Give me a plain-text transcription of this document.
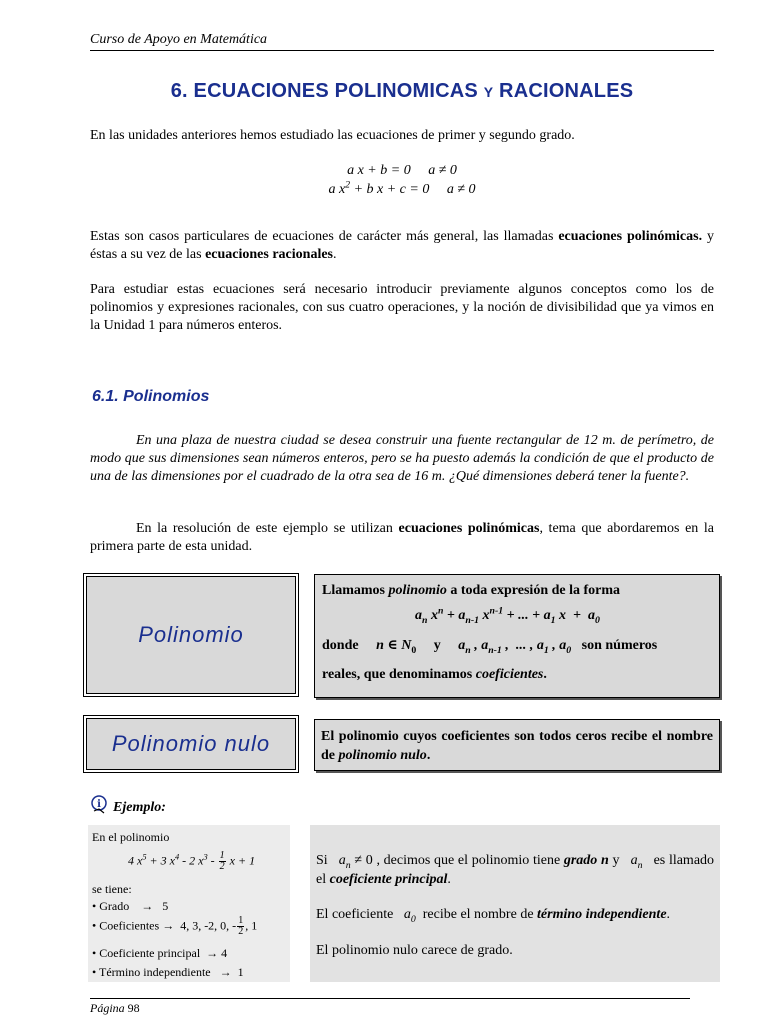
Curso de Apoyo en Matemática
6. ECUACIONES POLINOMICAS Y RACIONALES

En las unidades anteriores hemos estudiado las ecuaciones de primer y segundo grado.

a x + b = 0 a ≠ 0
a $x^2 + b$ x + c = 0 a ≠ 0

Estas son casos particulares de ecuaciones de carácter más general, las llamadas ecuaciones polinómicas. y éstas a su vez de las ecuaciones racionales.

Para estudiar estas ecuaciones será necesario introducir previamente algunos conceptos como los de polinomios y expresiones racionales, con sus cuatro operaciones, y la noción de divisibilidad que ya vimos en la Unidad 1 para números enteros.

6.1. Polinomios

En una plaza de nuestra ciudad se desea construir una fuente rectangular de 12 m. de perímetro, de modo que sus dimensiones sean números enteros, pero se ha puesto además la condición de que el producto de una de las dimensiones por el cuadrado de la otra sea de 16 m. ¿Qué dimensiones deberá tener la fuente?.

En la resolución de este ejemplo se utilizan ecuaciones polinómicas, tema que abordaremos en la primera parte de esta unidad.

Polinomio
Llamamos polinomio a toda expresión de la forma
$a_n$ $x^n + a_{n-1}$ $x^{n-1}$ + ... + $a_1$ $x + a_0$
donde n ∈ $N_0$ y $a_n$ , $a_{n-1}$ ,  ... , $a_1$ , $a_0$ son números
reales, que denominamos coeficientes.
Polinomio nulo	El polinomio cuyos coeficientes son todos ceros recibe el nombre de polinomio nulo.

i Ejemplo:
En el polinomio
4 $x^5 + 3$ $x^4 - 2$ $x^3 - \frac{1}{2}$ x + 1
se tiene:
• Grado    →   5
• Coeficientes →  4, 3, -2, 0, - $\frac{1}{2}$ , 1
• Coeficiente principal  → 4
• Término independiente   →  1

Si $a_n \ne 0$ , decimos que el polinomio tiene grado n y $a_n$ es llamado el coeficiente principal.

El coeficiente $a_0$ recibe el nombre de término independiente.

El polinomio nulo carece de grado.

Página 98
